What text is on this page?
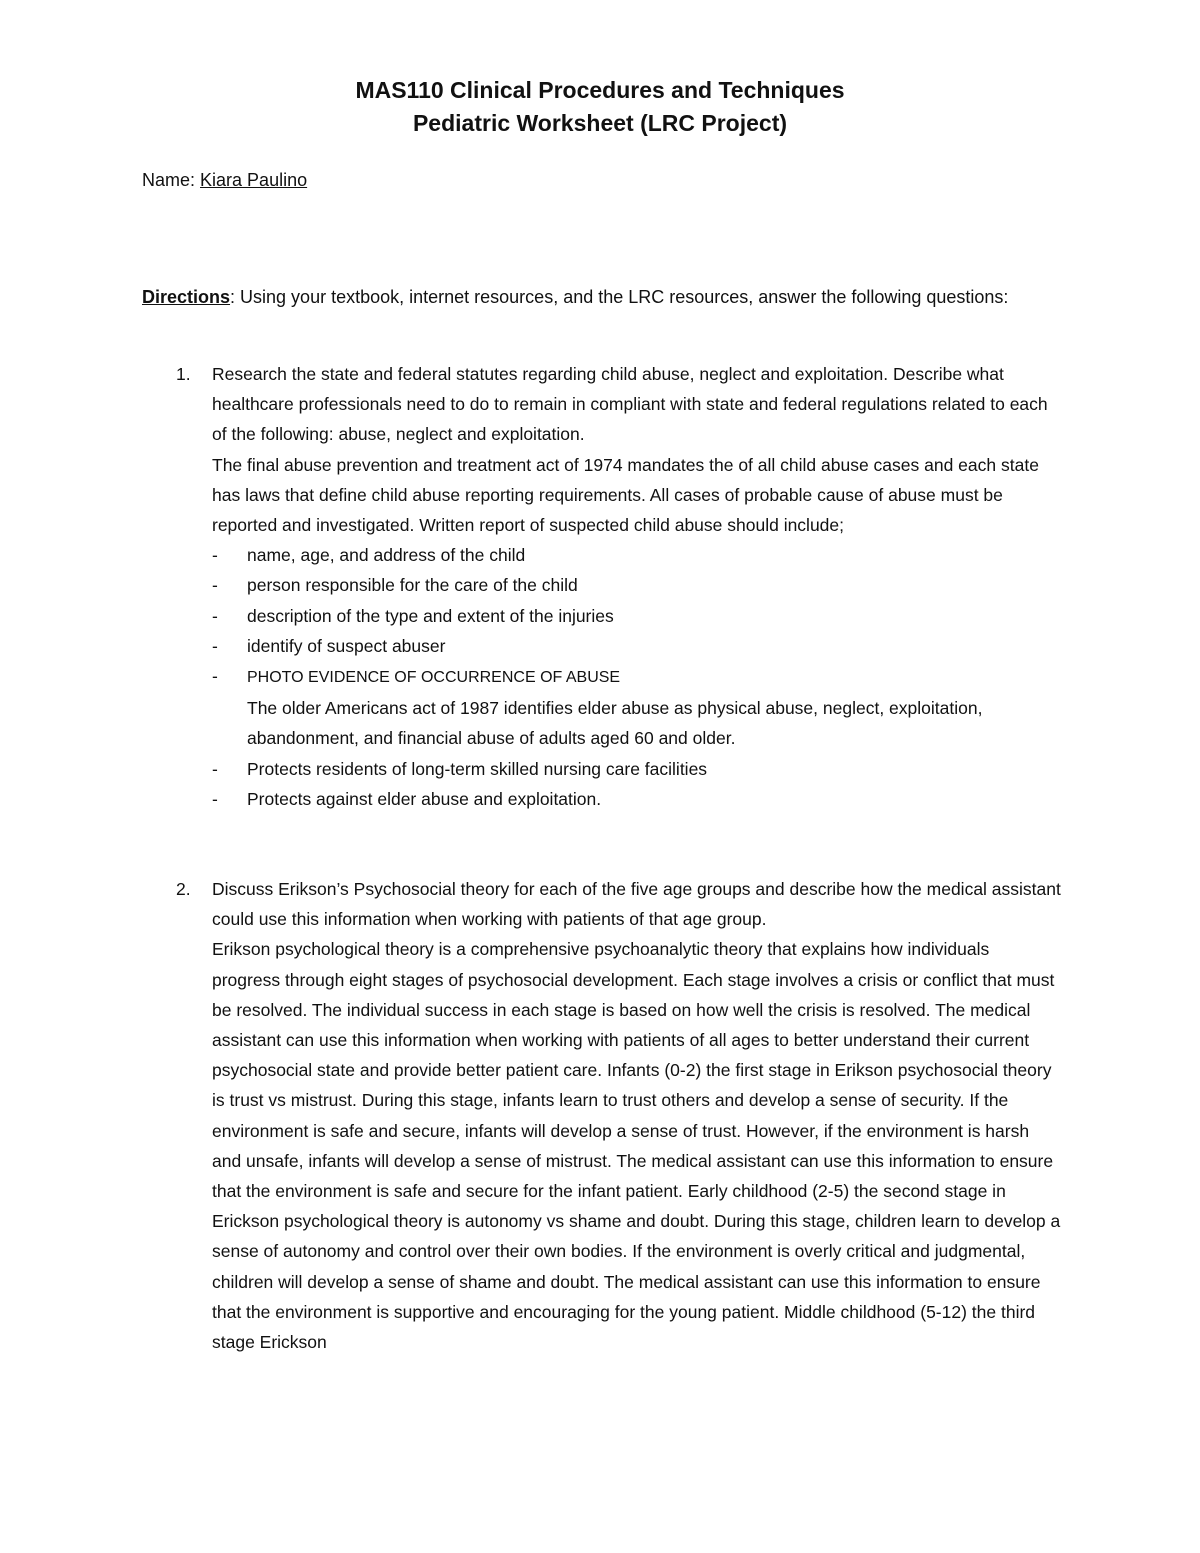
MAS110 Clinical Procedures and Techniques

Pediatric Worksheet (LRC Project)

Name: Kiara Paulino

Directions: Using your textbook, internet resources, and the LRC resources, answer the following questions:

1. Research the state and federal statutes regarding child abuse, neglect and exploitation. Describe what healthcare professionals need to do to remain in compliant with state and federal regulations related to each of the following: abuse, neglect and exploitation.

The final abuse prevention and treatment act of 1974 mandates the of all child abuse cases and each state has laws that define child abuse reporting requirements. All cases of probable cause of abuse must be reported and investigated. Written report of suspected child abuse should include;

- name, age, and address of the child
- person responsible for the care of the child
- description of the type and extent of the injuries
- identify of suspect abuser
- PHOTO EVIDENCE OF OCCURRENCE OF ABUSE

The older Americans act of 1987 identifies elder abuse as physical abuse, neglect, exploitation, abandonment, and financial abuse of adults aged 60 and older.

- Protects residents of long-term skilled nursing care facilities
- Protects against elder abuse and exploitation.
2. Discuss Erikson’s Psychosocial theory for each of the five age groups and describe how the medical assistant could use this information when working with patients of that age group.

Erikson psychological theory is a comprehensive psychoanalytic theory that explains how individuals progress through eight stages of psychosocial development. Each stage involves a crisis or conflict that must be resolved. The individual success in each stage is based on how well the crisis is resolved. The medical assistant can use this information when working with patients of all ages to better understand their current psychosocial state and provide better patient care. Infants (0-2) the first stage in Erikson psychosocial theory is trust vs mistrust. During this stage, infants learn to trust others and develop a sense of security. If the environment is safe and secure, infants will develop a sense of trust. However, if the environment is harsh and unsafe, infants will develop a sense of mistrust. The medical assistant can use this information to ensure that the environment is safe and secure for the infant patient. Early childhood (2-5) the second stage in Erickson psychological theory is autonomy vs shame and doubt. During this stage, children learn to develop a sense of autonomy and control over their own bodies. If the environment is overly critical and judgmental, children will develop a sense of shame and doubt. The medical assistant can use this information to ensure that the environment is supportive and encouraging for the young patient. Middle childhood (5-12) the third stage Erickson
